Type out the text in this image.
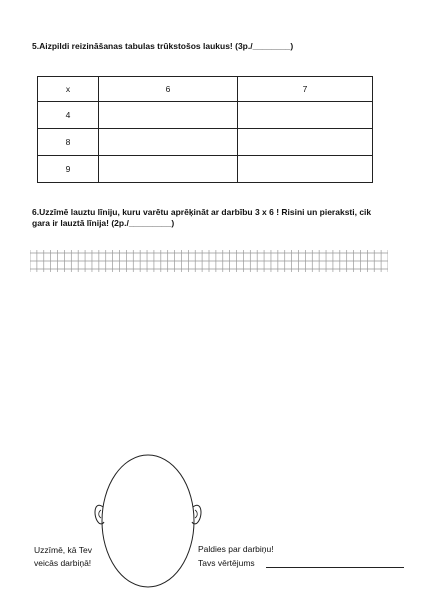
5.Aizpildi reizināšanas tabulas trūkstošos laukus! (3p./________)
x	6	7
4		
8		
9		
6.Uzzīmē lauztu līniju, kuru varētu aprēķināt ar darbību 3 x 6 ! Risini un pieraksti, cik gara ir lauztā līnija! (2p./_________)
Uzzīmē, kā Tev
veicās darbiņā!
Paldies par darbiņu!
Tavs vērtējums
